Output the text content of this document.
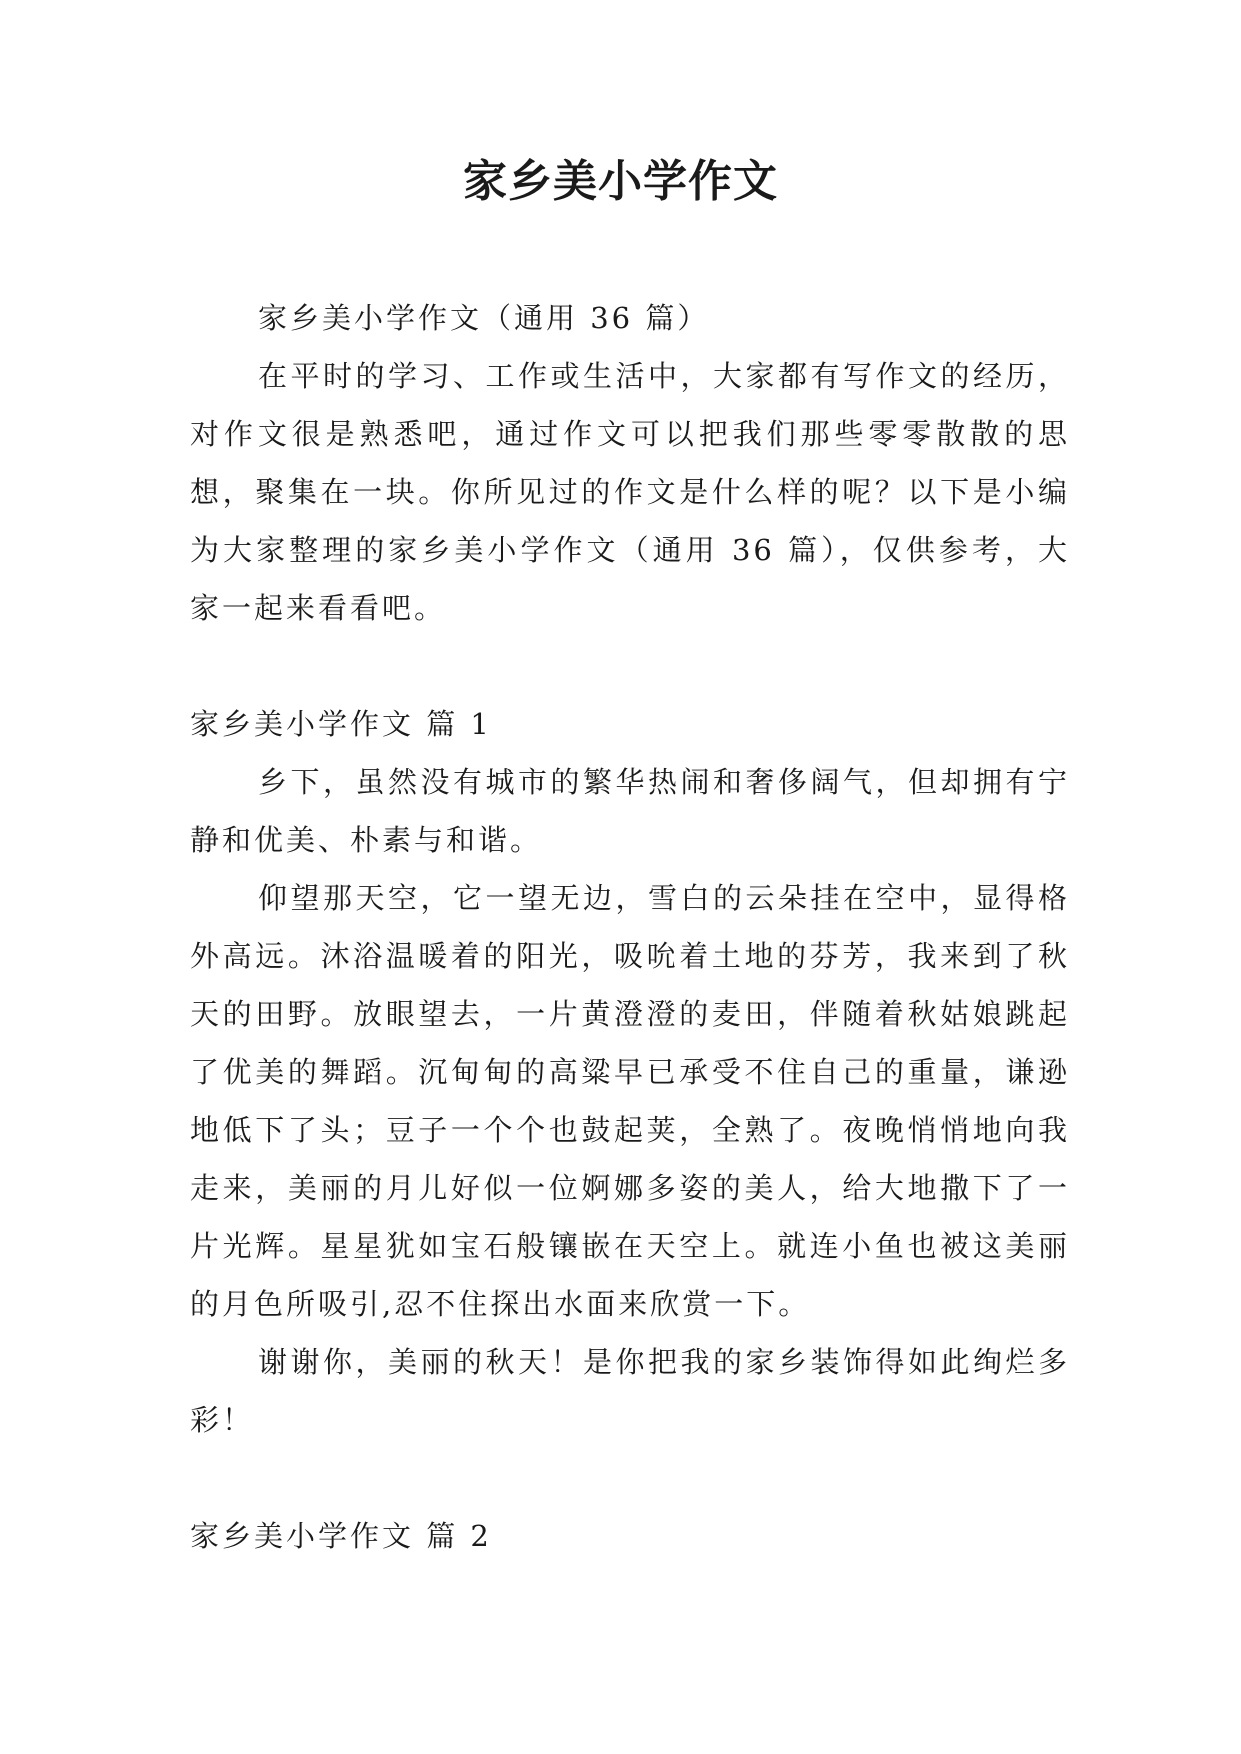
家乡美小学作文

家乡美小学作文（通用 36 篇）

在平时的学习、工作或生活中，大家都有写作文的经历，对作文很是熟悉吧，通过作文可以把我们那些零零散散的思想，聚集在一块。你所见过的作文是什么样的呢？以下是小编为大家整理的家乡美小学作文（通用 36 篇），仅供参考，大家一起来看看吧。

家乡美小学作文 篇 1

乡下，虽然没有城市的繁华热闹和奢侈阔气，但却拥有宁静和优美、朴素与和谐。

仰望那天空，它一望无边，雪白的云朵挂在空中，显得格外高远。沐浴温暖着的阳光，吸吮着土地的芬芳，我来到了秋天的田野。放眼望去，一片黄澄澄的麦田，伴随着秋姑娘跳起了优美的舞蹈。沉甸甸的高粱早已承受不住自己的重量，谦逊地低下了头；豆子一个个也鼓起荚，全熟了。夜晚悄悄地向我走来，美丽的月儿好似一位婀娜多姿的美人，给大地撒下了一片光辉。星星犹如宝石般镶嵌在天空上。就连小鱼也被这美丽的月色所吸引,忍不住探出水面来欣赏一下。

谢谢你，美丽的秋天！是你把我的家乡装饰得如此绚烂多彩！

家乡美小学作文 篇 2
